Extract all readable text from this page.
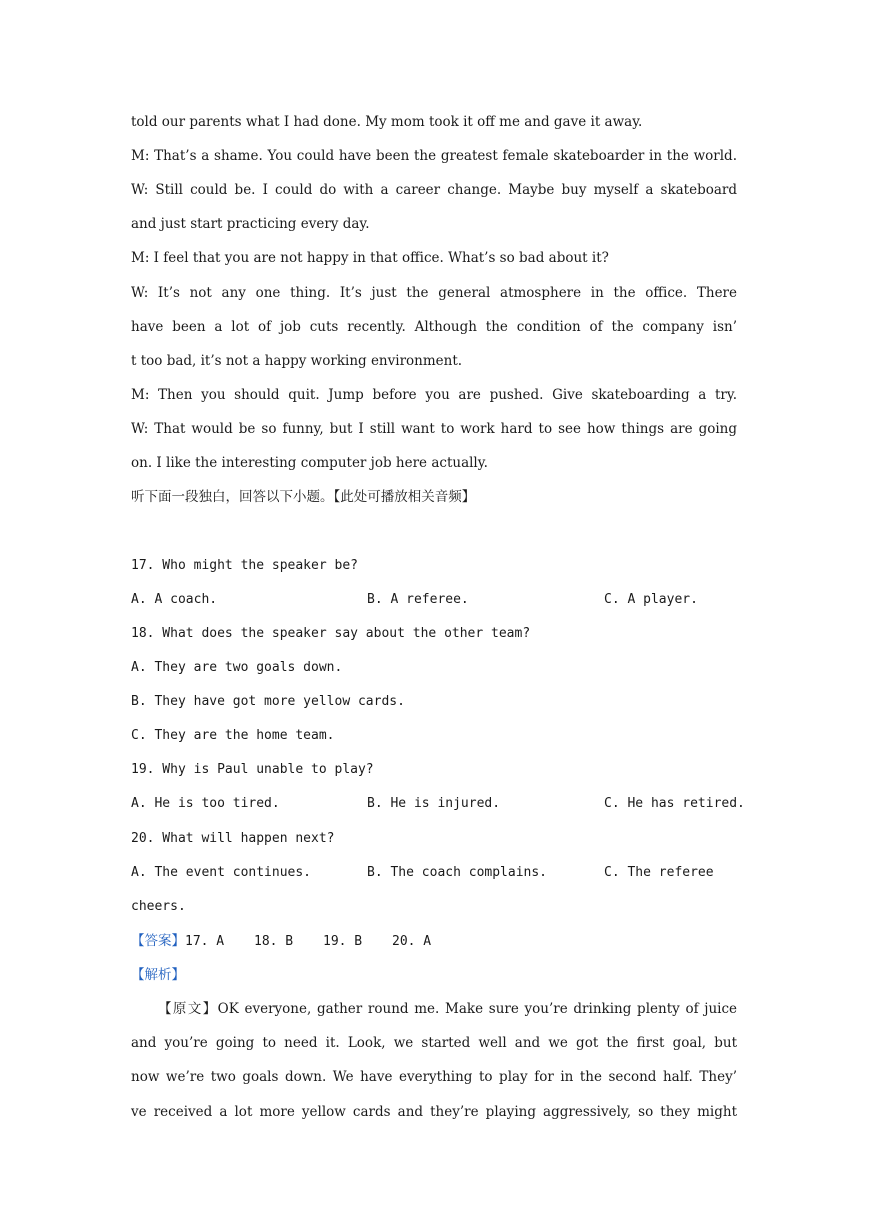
told our parents what I had done. My mom took it off me and gave it away.
M: That’s a shame. You could have been the greatest female skateboarder in the world.
W: Still could be. I could do with a career change. Maybe buy myself a skateboard
and just start practicing every day.
M: I feel that you are not happy in that office. What’s so bad about it?
W: It’s not any one thing. It’s just the general atmosphere in the office. There
have been a lot of job cuts recently. Although the condition of the company isn’
t too bad, it’s not a happy working environment.
M: Then you should quit. Jump before you are pushed. Give skateboarding a try.
W: That would be so funny, but I still want to work hard to see how things are going
on. I like the interesting computer job here actually.
听下面一段独白，回答以下小题。【此处可播放相关音频】
17. Who might the speaker be?
A. A coach.	B. A referee.	C. A player.
18. What does the speaker say about the other team?
A. They are two goals down.
B. They have got more yellow cards.
C. They are the home team.
19. Why is Paul unable to play?
A. He is too tired.	B. He is injured.	C. He has retired.
20. What will happen next?
A. The event continues.	B. The coach complains.	C. The referee
cheers.
【答案】17. A 18. B 19. B 20. A
【解析】
【原文】OK everyone, gather round me. Make sure you’re drinking plenty of juice
and you’re going to need it. Look, we started well and we got the first goal, but
now we’re two goals down. We have everything to play for in the second half. They’
ve received a lot more yellow cards and they’re playing aggressively, so they might
